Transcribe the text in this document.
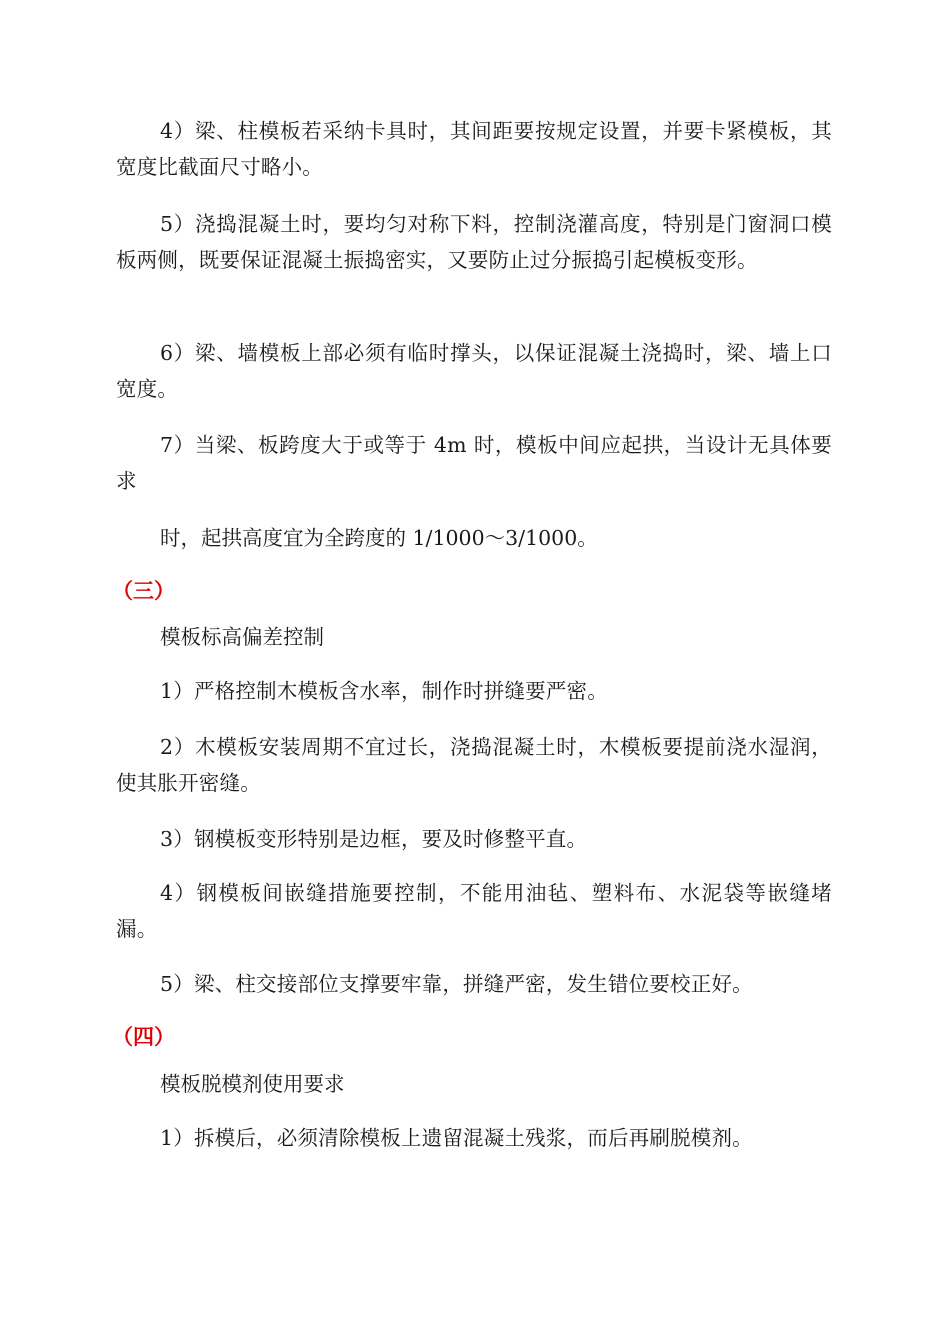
4）梁、柱模板若采纳卡具时，其间距要按规定设置，并要卡紧模板，其宽度比截面尺寸略小。

5）浇捣混凝土时，要均匀对称下料，控制浇灌高度，特别是门窗洞口模板两侧，既要保证混凝土振捣密实，又要防止过分振捣引起模板变形。

6）梁、墙模板上部必须有临时撑头，以保证混凝土浇捣时，梁、墙上口宽度。

7）当梁、板跨度大于或等于 4m 时，模板中间应起拱，当设计无具体要求

时，起拱高度宜为全跨度的 1/1000～3/1000。

（三）

模板标高偏差控制

1）严格控制木模板含水率，制作时拼缝要严密。

2）木模板安装周期不宜过长，浇捣混凝土时，木模板要提前浇水湿润，使其胀开密缝。

3）钢模板变形特别是边框，要及时修整平直。

4）钢模板间嵌缝措施要控制，不能用油毡、塑料布、水泥袋等嵌缝堵漏。

5）梁、柱交接部位支撑要牢靠，拼缝严密，发生错位要校正好。

（四）

模板脱模剂使用要求

1）拆模后，必须清除模板上遗留混凝土残浆，而后再刷脱模剂。
